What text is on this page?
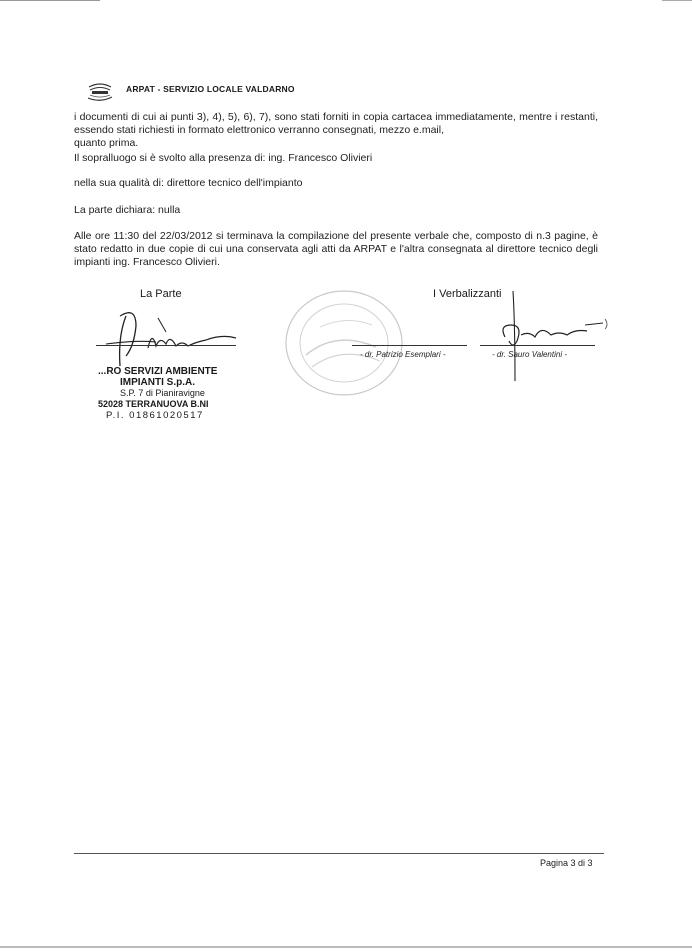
ARPAT - SERVIZIO LOCALE VALDARNO
i documenti di cui ai punti 3), 4), 5), 6), 7), sono stati forniti in copia cartacea immediatamente, mentre i restanti, essendo stati richiesti in formato elettronico verranno consegnati, mezzo e.mail,
quanto prima.
Il sopralluogo si è svolto alla presenza di: ing. Francesco Olivieri
nella sua qualità di: direttore tecnico dell'impianto
La parte dichiara: nulla
Alle ore 11:30 del 22/03/2012 si terminava la compilazione del presente verbale che, composto di n.3 pagine, è stato redatto in due copie di cui una conservata agli atti da ARPAT e l'altra consegnata al direttore tecnico degli impianti ing. Francesco Olivieri.
La Parte	I Verbalizzanti
- dr. Patrizio Esemplari -	- dr. Sauro Valentini -
...RO SERVIZI AMBIENTE
IMPIANTI S.p.A.
S.P. 7 di Pianiravigne
52028 TERRANUOVA B.NI
P.I. 01861020517
Pagina 3 di 3
